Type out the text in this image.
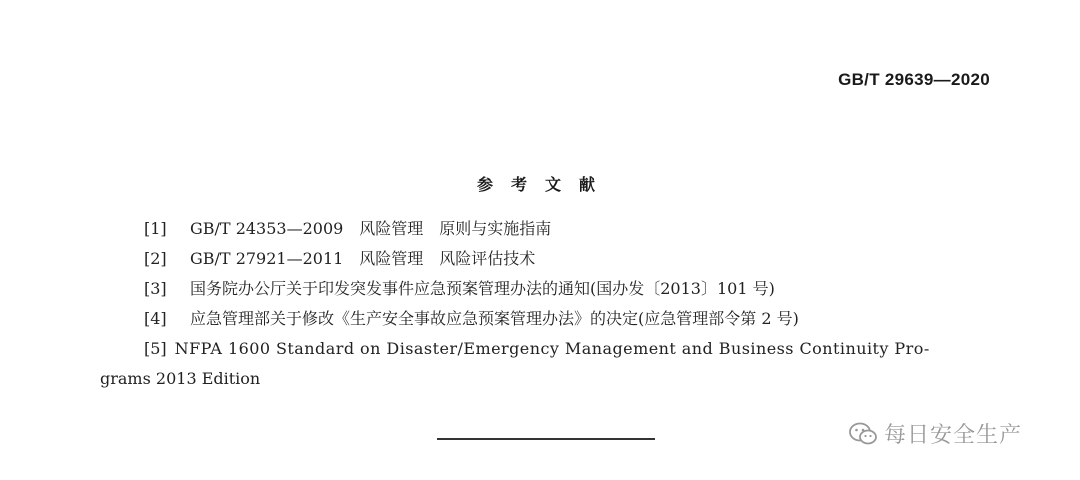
GB/T 29639—2020
参考文献
[1] GB/T 24353—2009　风险管理　原则与实施指南
[2] GB/T 27921—2011　风险管理　风险评估技术
[3] 国务院办公厅关于印发突发事件应急预案管理办法的通知(国办发〔2013〕101 号)
[4] 应急管理部关于修改《生产安全事故应急预案管理办法》的决定(应急管理部令第 2 号)
[5] NFPA 1600 Standard on Disaster/Emergency Management and Business Continuity Pro-
grams 2013 Edition
每日安全生产
